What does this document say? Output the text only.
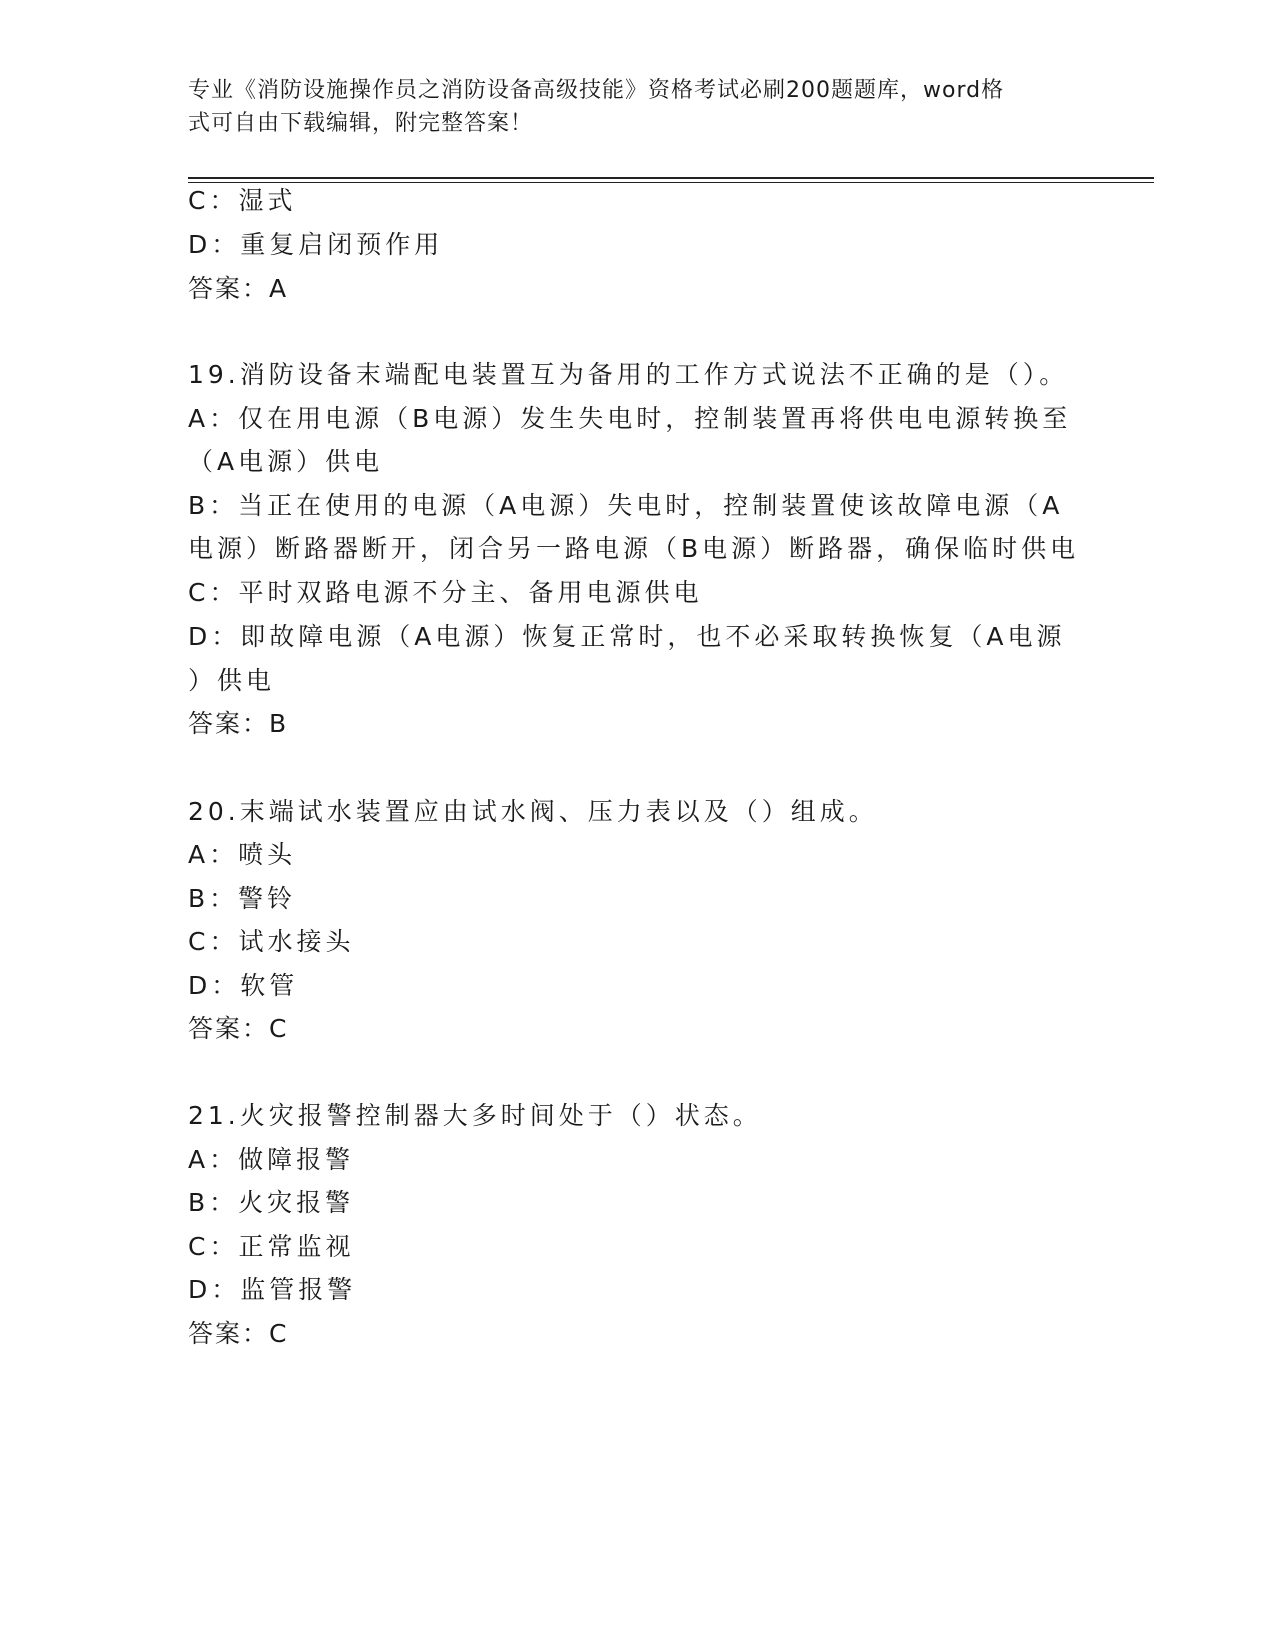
专业《消防设施操作员之消防设备高级技能》资格考试必刷200题题库，word格
式可自由下载编辑，附完整答案！
C：湿式
D：重复启闭预作用
答案：A
19.消防设备末端配电装置互为备用的工作方式说法不正确的是（）。
A：仅在用电源（B电源）发生失电时，控制装置再将供电电源转换至
（A电源）供电
B：当正在使用的电源（A电源）失电时，控制装置使该故障电源（A
电源）断路器断开，闭合另一路电源（B电源）断路器，确保临时供电
C：平时双路电源不分主、备用电源供电
D：即故障电源（A电源）恢复正常时，也不必采取转换恢复（A电源
）供电
答案：B
20.末端试水装置应由试水阀、压力表以及（）组成。
A：喷头
B：警铃
C：试水接头
D：软管
答案：C
21.火灾报警控制器大多时间处于（）状态。
A：做障报警
B：火灾报警
C：正常监视
D：监管报警
答案：C
